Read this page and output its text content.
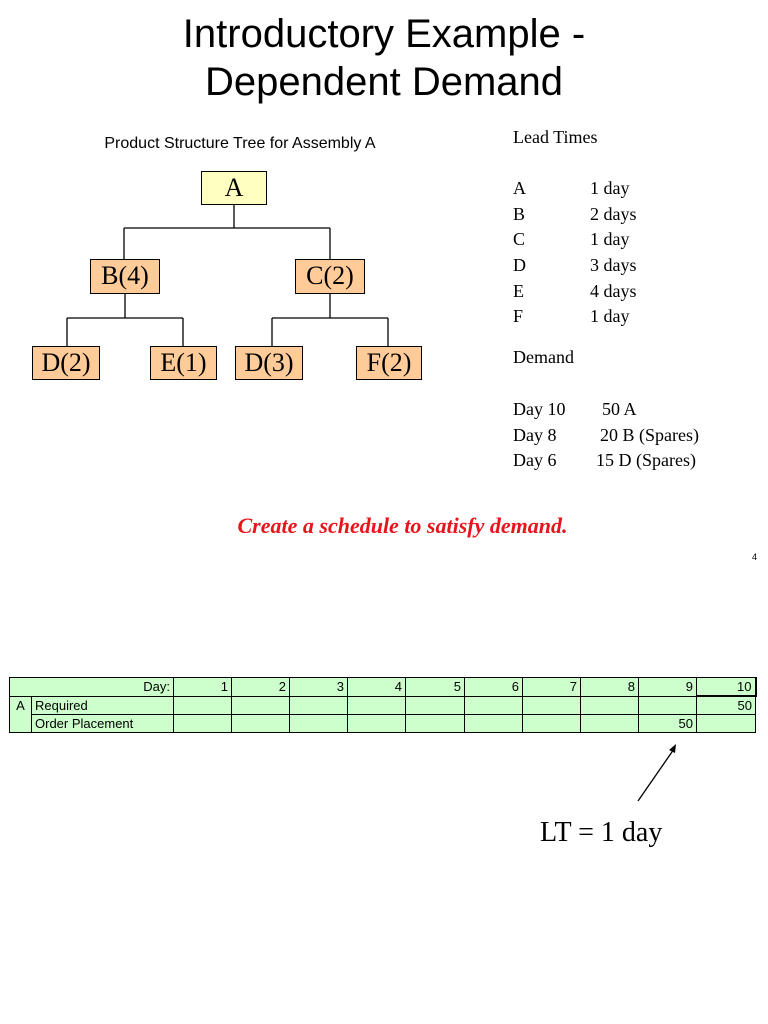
Introductory Example -
Dependent Demand
Product Structure Tree for Assembly A
A
B(4)	C(2)
D(2)	E(1)	D(3)	F(2)
Lead Times
A	1 day
B	2 days
C	1 day
D	3 days
E	4 days
F	1 day
Demand
Day 10 50 A
Day 8 20 B (Spares)
Day 6 15 D (Spares)
Create a schedule to satisfy demand.
4
	Day:	1	2	3	4	5	6	7	8	9	10
A	Required										50
	Order Placement									50	
LT = 1 day
